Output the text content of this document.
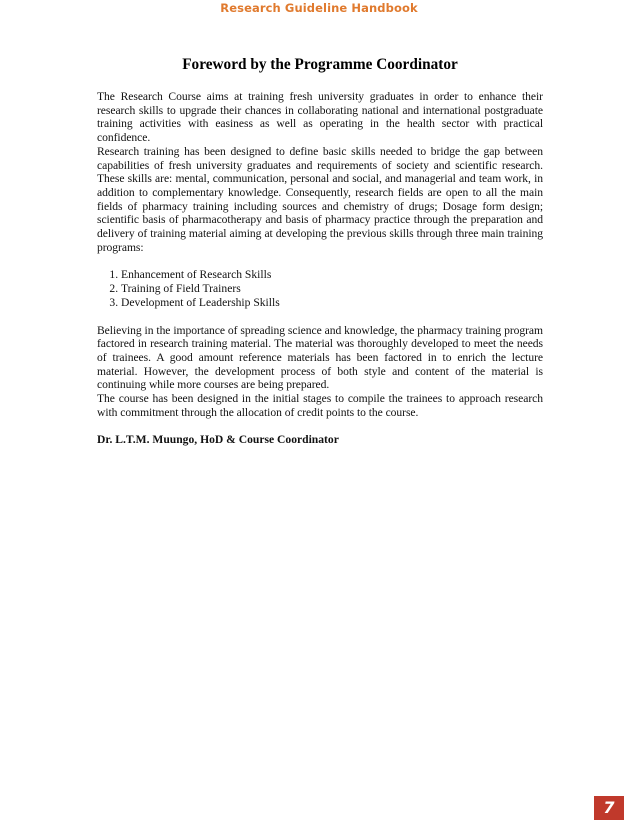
Research Guideline Handbook
Foreword by the Programme Coordinator

The Research Course aims at training fresh university graduates in order to enhance their research skills to upgrade their chances in collaborating national and international postgraduate training activities with easiness as well as operating in the health sector with practical confidence.

Research training has been designed to define basic skills needed to bridge the gap between capabilities of fresh university graduates and requirements of society and scientific research. These skills are: mental, communication, personal and social, and managerial and team work, in addition to complementary knowledge. Consequently, research fields are open to all the main fields of pharmacy training including sources and chemistry of drugs; Dosage form design; scientific basis of pharmacotherapy and basis of pharmacy practice through the preparation and delivery of training material aiming at developing the previous skills through three main training programs:

1. Enhancement of Research Skills
2. Training of Field Trainers
3. Development of Leadership Skills

Believing in the importance of spreading science and knowledge, the pharmacy training program factored in research training material. The material was thoroughly developed to meet the needs of trainees. A good amount reference materials has been factored in to enrich the lecture material. However, the development process of both style and content of the material is continuing while more courses are being prepared.

The course has been designed in the initial stages to compile the trainees to approach research with commitment through the allocation of credit points to the course.

Dr. L.T.M. Muungo, HoD & Course Coordinator
7
